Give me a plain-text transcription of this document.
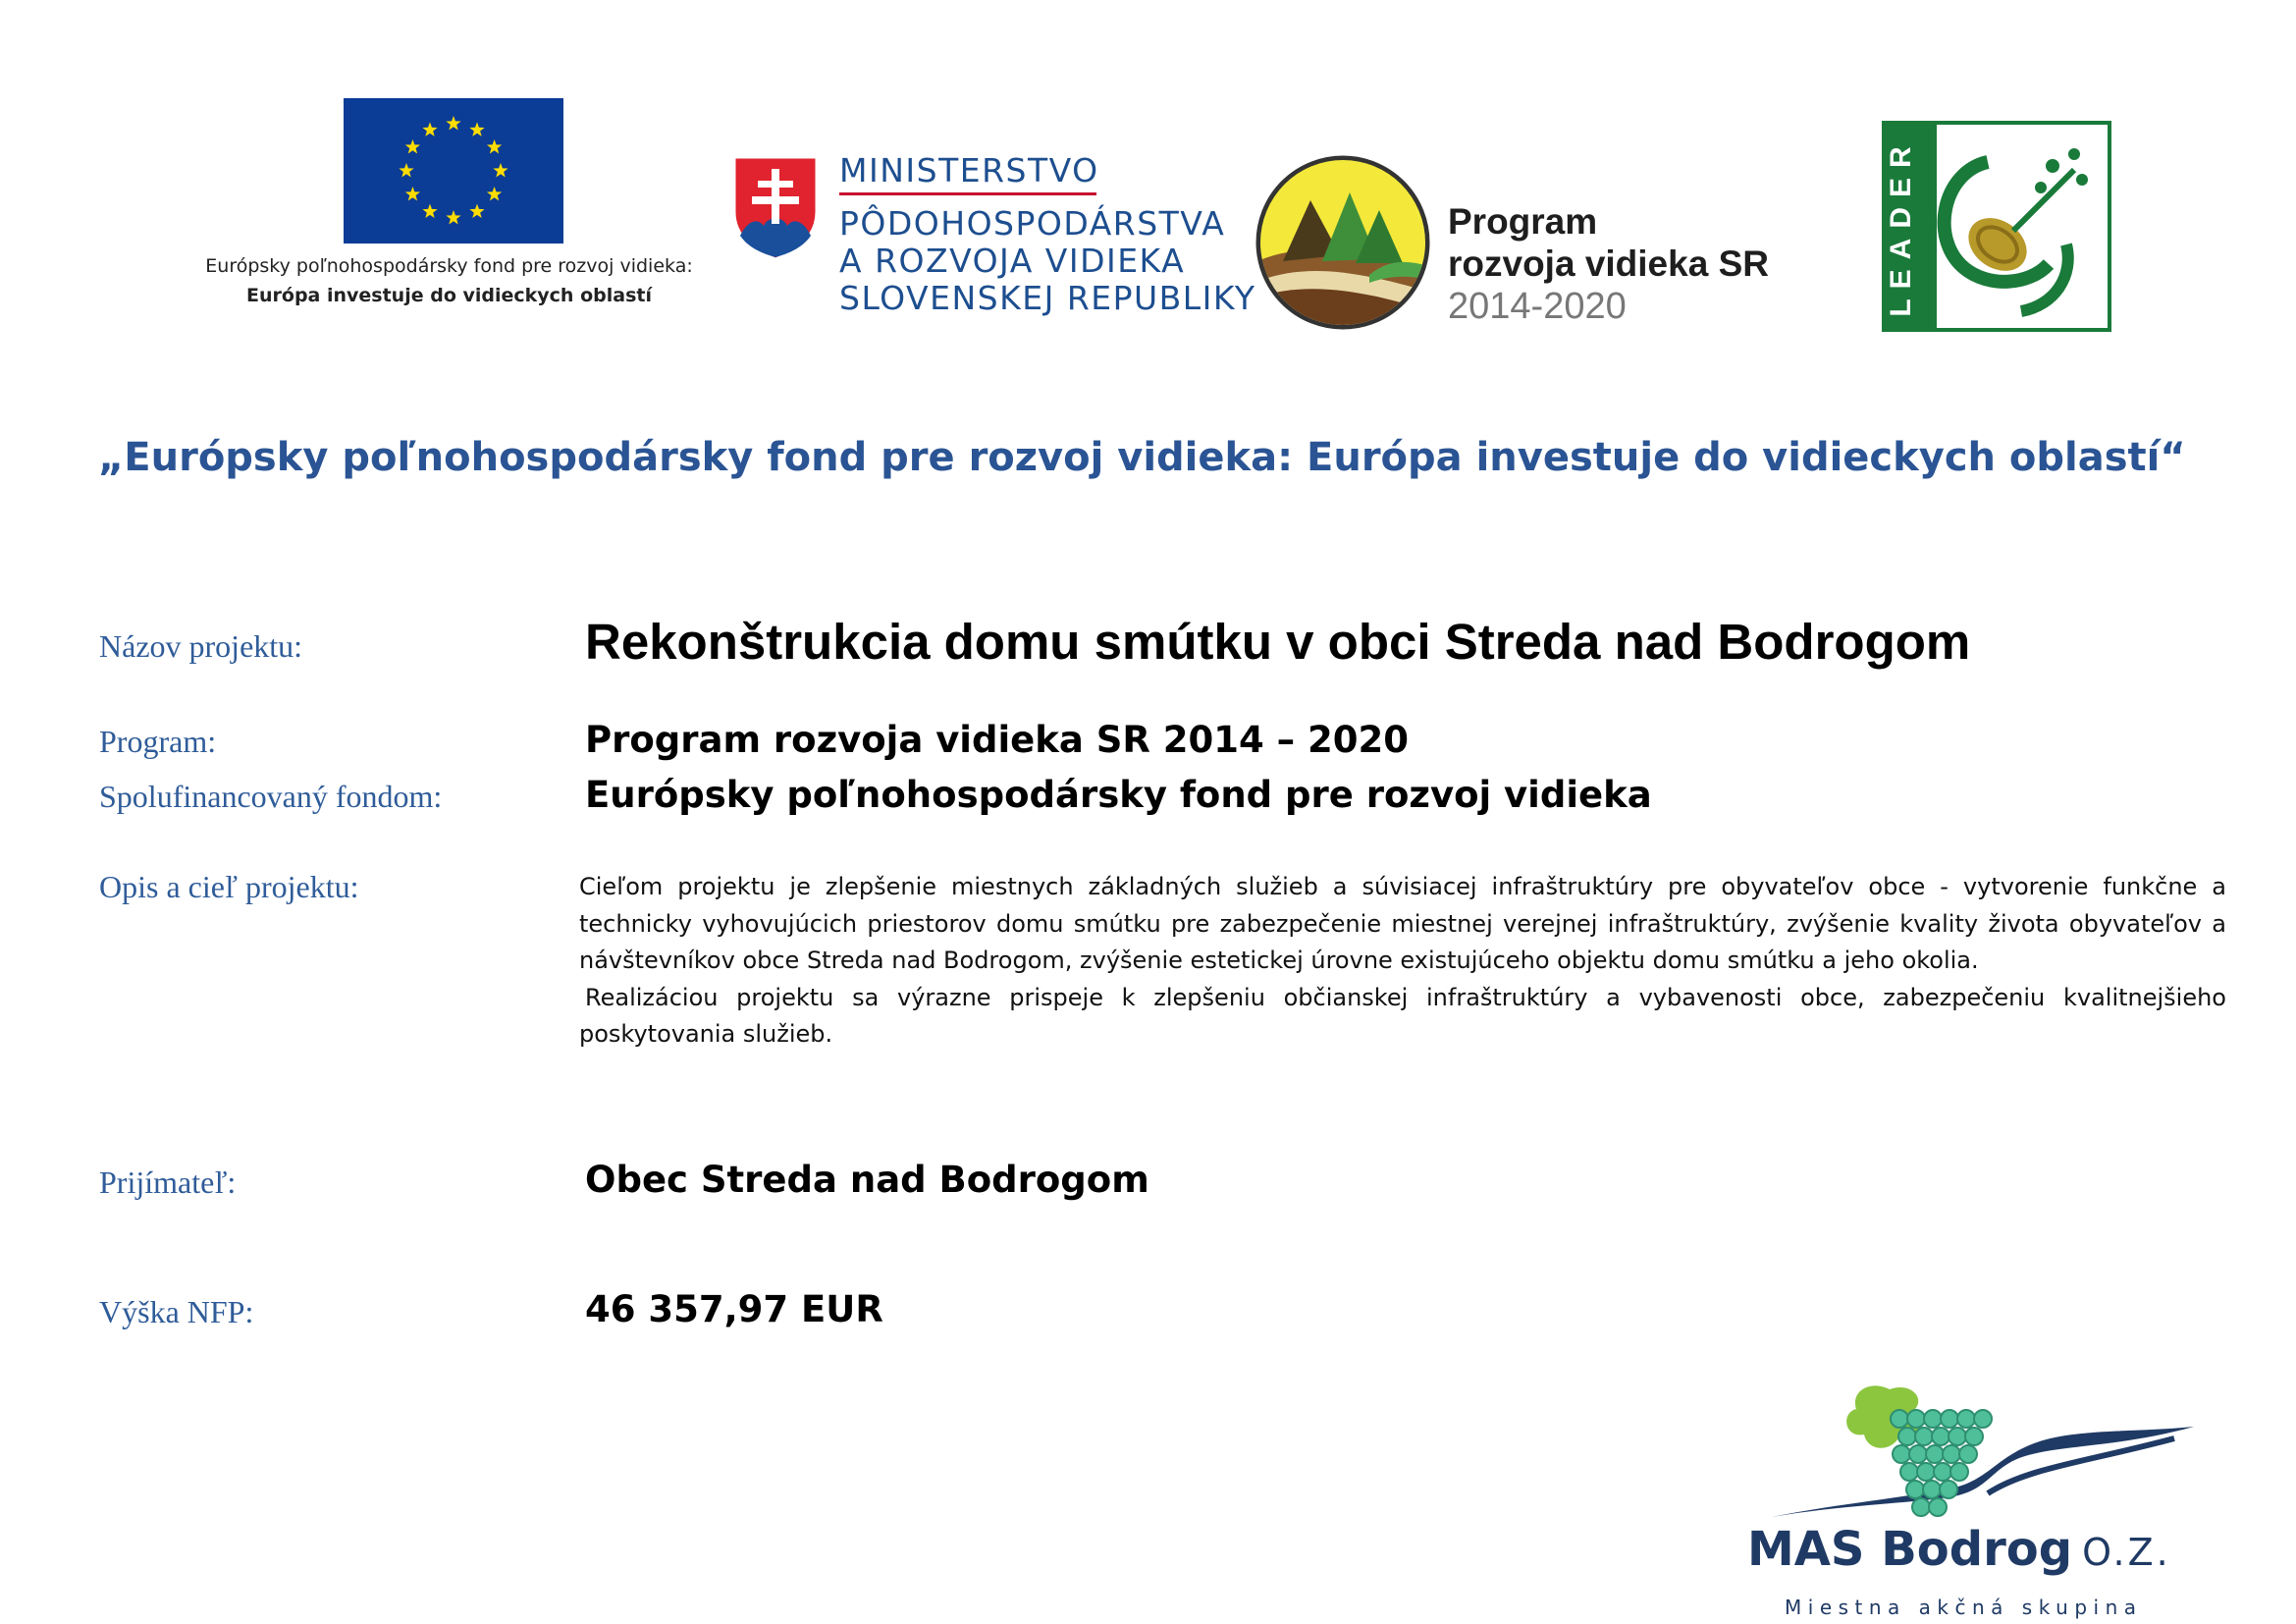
Európsky poľnohospodársky fond pre rozvoj vidieka:
Európa investuje do vidieckych oblastí
MINISTERSTVO
PÔDOHOSPODÁRSTVA
A ROZVOJA VIDIEKA
SLOVENSKEJ REPUBLIKY
Program
rozvoja vidieka SR
2014-2020	LEADER
„Európsky poľnohospodársky fond pre rozvoj vidieka: Európa investuje do vidieckych oblastí“
Názov projektu:	Rekonštrukcia domu smútku v obci Streda nad Bodrogom
Program:	Program rozvoja vidieka SR 2014 – 2020
Spolufinancovaný fondom:	Európsky poľnohospodársky fond pre rozvoj vidieka
Opis a cieľ projektu:	Cieľom projektu je zlepšenie miestnych základných služieb a súvisiacej infraštruktúry pre obyvateľov obce - vytvorenie funkčne a technicky vyhovujúcich priestorov domu smútku pre zabezpečenie miestnej verejnej infraštruktúry, zvýšenie kvality života obyvateľov a návštevníkov obce Streda nad Bodrogom, zvýšenie estetickej úrovne existujúceho objektu domu smútku a jeho okolia.

Realizáciou projektu sa výrazne prispeje k zlepšeniu občianskej infraštruktúry a vybavenosti obce, zabezpečeniu kvalitnejšieho poskytovania služieb.

Prijímateľ:	Obec Streda nad Bodrogom
Výška NFP:	46 357,97 EUR
MAS Bodrog O.Z.
Miestna akčná skupina
